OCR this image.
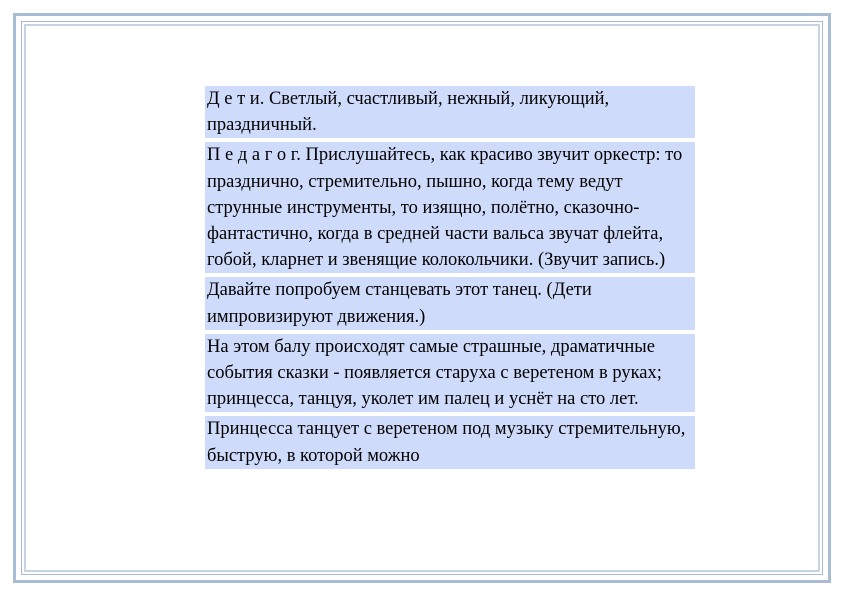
Д е т и. Светлый, счастливый, нежный, ликующий, праздничный.

П е д а г о г. Прислушайтесь, как красиво звучит оркестр: то празднично, стремительно, пышно, когда тему ведут струнные инструменты, то изящно, полётно, сказочно-фантастично, когда в средней части вальса звучат флейта, гобой, кларнет и звенящие колокольчики. (Звучит запись.)

Давайте попробуем станцевать этот танец. (Дети импровизируют движения.)

На этом балу происходят самые страшные, драматичные события сказки - появляется старуха с веретеном в руках; принцесса, танцуя, уколет им палец и уснёт на сто лет.

Принцесса танцует с веретеном под музыку стремительную, быструю, в которой можно
